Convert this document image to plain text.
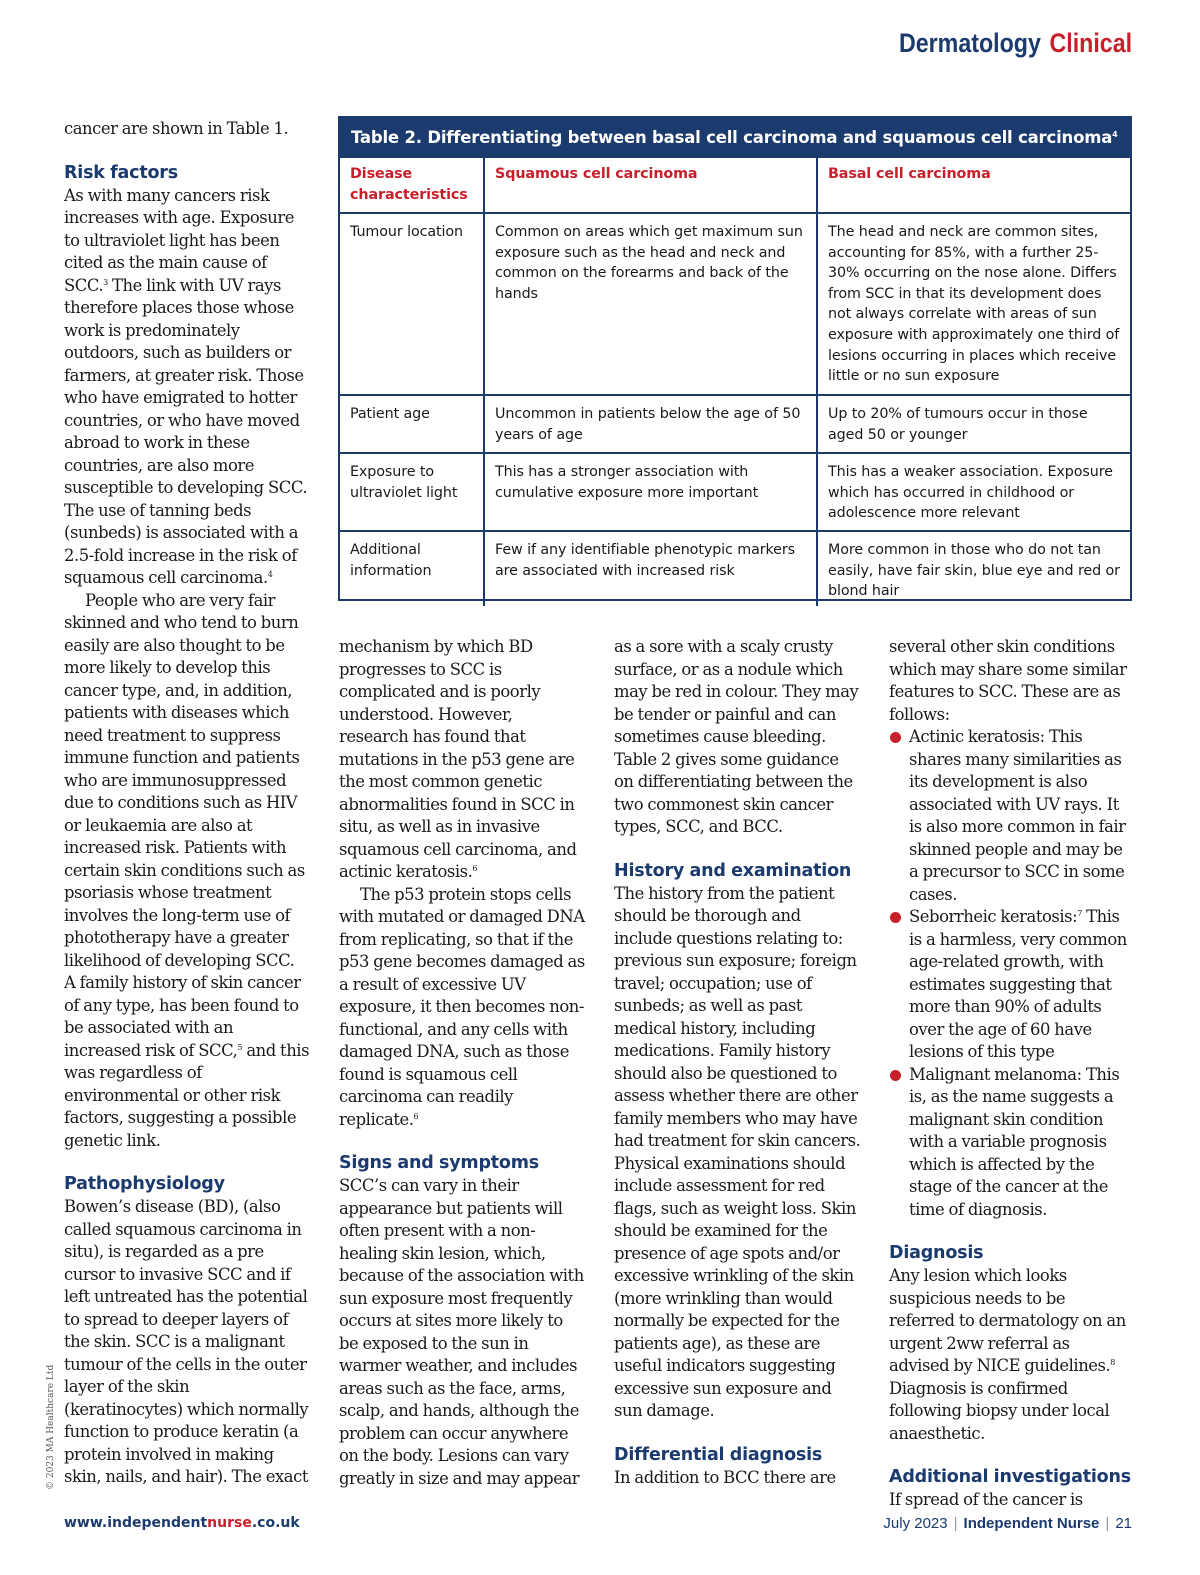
Dermatology Clinical

cancer are shown in Table 1.

Risk factors

As with many cancers risk increases with age. Exposure to ultraviolet light has been cited as the main cause of SCC.$^3$ The link with UV rays therefore places those whose work is predominately outdoors, such as builders or farmers, at greater risk. Those who have emigrated to hotter countries, or who have moved abroad to work in these countries, are also more susceptible to developing SCC. The use of tanning beds (sunbeds) is associated with a 2.5-fold increase in the risk of squamous cell carcinoma.$^4$

People who are very fair skinned and who tend to burn easily are also thought to be more likely to develop this cancer type, and, in addition, patients with diseases which need treatment to suppress immune function and patients who are immunosuppressed due to conditions such as HIV or leukaemia are also at increased risk. Patients with certain skin conditions such as psoriasis whose treatment involves the long-term use of phototherapy have a greater likelihood of developing SCC. A family history of skin cancer of any type, has been found to be associated with an increased risk of SCC,$^5$ and this was regardless of environmental or other risk factors, suggesting a possible genetic link.

Pathophysiology

Bowen’s disease (BD), (also called squamous carcinoma in situ), is regarded as a pre cursor to invasive SCC and if left untreated has the potential to spread to deeper layers of the skin. SCC is a malignant tumour of the cells in the outer layer of the skin (keratinocytes) which normally function to produce keratin (a protein involved in making skin, nails, and hair). The exact

Table 2. Differentiating between basal cell carcinoma and squamous cell carcinoma$^4$
Disease characteristics	Squamous cell carcinoma	Basal cell carcinoma
Tumour location	Common on areas which get maximum sun exposure such as the head and neck and common on the forearms and back of the hands	The head and neck are common sites, accounting for 85%, with a further 25-30% occurring on the nose alone. Differs from SCC in that its development does not always correlate with areas of sun exposure with approximately one third of lesions occurring in places which receive little or no sun exposure
Patient age	Uncommon in patients below the age of 50 years of age	Up to 20% of tumours occur in those aged 50 or younger
Exposure to ultraviolet light	This has a stronger association with cumulative exposure more important	This has a weaker association. Exposure which has occurred in childhood or adolescence more relevant
Additional information	Few if any identifiable phenotypic markers are associated with increased risk	More common in those who do not tan easily, have fair skin, blue eye and red or blond hair

mechanism by which BD progresses to SCC is complicated and is poorly understood. However, research has found that mutations in the p53 gene are the most common genetic abnormalities found in SCC in situ, as well as in invasive squamous cell carcinoma, and actinic keratosis.$^6$

The p53 protein stops cells with mutated or damaged DNA from replicating, so that if the p53 gene becomes damaged as a result of excessive UV exposure, it then becomes non-functional, and any cells with damaged DNA, such as those found is squamous cell carcinoma can readily replicate.$^6$

Signs and symptoms

SCC’s can vary in their appearance but patients will often present with a non-healing skin lesion, which, because of the association with sun exposure most frequently occurs at sites more likely to be exposed to the sun in warmer weather, and includes areas such as the face, arms, scalp, and hands, although the problem can occur anywhere on the body. Lesions can vary greatly in size and may appear

as a sore with a scaly crusty surface, or as a nodule which may be red in colour. They may be tender or painful and can sometimes cause bleeding. Table 2 gives some guidance on differentiating between the two commonest skin cancer types, SCC, and BCC.

History and examination

The history from the patient should be thorough and include questions relating to: previous sun exposure; foreign travel; occupation; use of sunbeds; as well as past medical history, including medications. Family history should also be questioned to assess whether there are other family members who may have had treatment for skin cancers. Physical examinations should include assessment for red flags, such as weight loss. Skin should be examined for the presence of age spots and/or excessive wrinkling of the skin (more wrinkling than would normally be expected for the patients age), as these are useful indicators suggesting excessive sun exposure and sun damage.

Differential diagnosis

In addition to BCC there are

several other skin conditions which may share some similar features to SCC. These are as follows:

Actinic keratosis: This shares many similarities as its development is also associated with UV rays. It is also more common in fair skinned people and may be a precursor to SCC in some cases.
Seborrheic keratosis:$^7$ This is a harmless, very common age-related growth, with estimates suggesting that more than 90% of adults over the age of 60 have lesions of this type
Malignant melanoma: This is, as the name suggests a malignant skin condition with a variable prognosis which is affected by the stage of the cancer at the time of diagnosis.
Diagnosis

Any lesion which looks suspicious needs to be referred to dermatology on an urgent 2ww referral as advised by NICE guidelines.$^8$ Diagnosis is confirmed following biopsy under local anaesthetic.

Additional investigations

If spread of the cancer is

© 2023 MA Healthcare Ltd
www.independentnurse.co.uk	July 2023 | Independent Nurse | 21
